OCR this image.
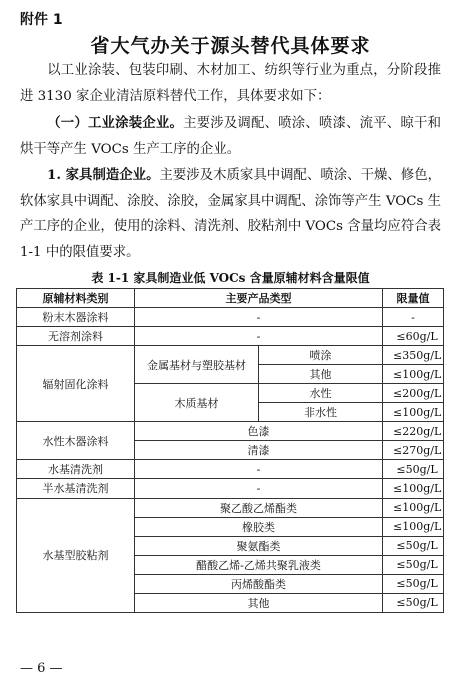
附件 1
省大气办关于源头替代具体要求

以工业涂装、包装印刷、木材加工、纺织等行业为重点，分阶段推进 3130 家企业清洁原料替代工作，具体要求如下：

（一）工业涂装企业。主要涉及调配、喷涂、喷漆、流平、晾干和烘干等产生 VOCs 生产工序的企业。

1. 家具制造企业。主要涉及木质家具中调配、喷涂、干燥、修色，软体家具中调配、涂胶、涂胶，金属家具中调配、涂饰等产生 VOCs 生产工序的企业，使用的涂料、清洗剂、胶粘剂中 VOCs 含量均应符合表 1-1 中的限值要求。

表 1-1 家具制造业低 VOCs 含量原辅材料含量限值
原辅材料类别	主要产品类型		限量值
粉末木器涂料	-		-
无溶剂涂料	-		≤60g/L
辐射固化涂料	金属基材与塑胶基材	喷涂	≤350g/L
		其他	≤100g/L
	木质基材	水性	≤200g/L
		非水性	≤100g/L
水性木器涂料	色漆		≤220g/L
	清漆		≤270g/L
水基清洗剂	-		≤50g/L
半水基清洗剂	-		≤100g/L
水基型胶粘剂	聚乙酸乙烯酯类		≤100g/L
	橡胶类		≤100g/L
	聚氨酯类		≤50g/L
	醋酸乙烯-乙烯共聚乳液类		≤50g/L
	丙烯酸酯类		≤50g/L
	其他		≤50g/L
— 6 —
